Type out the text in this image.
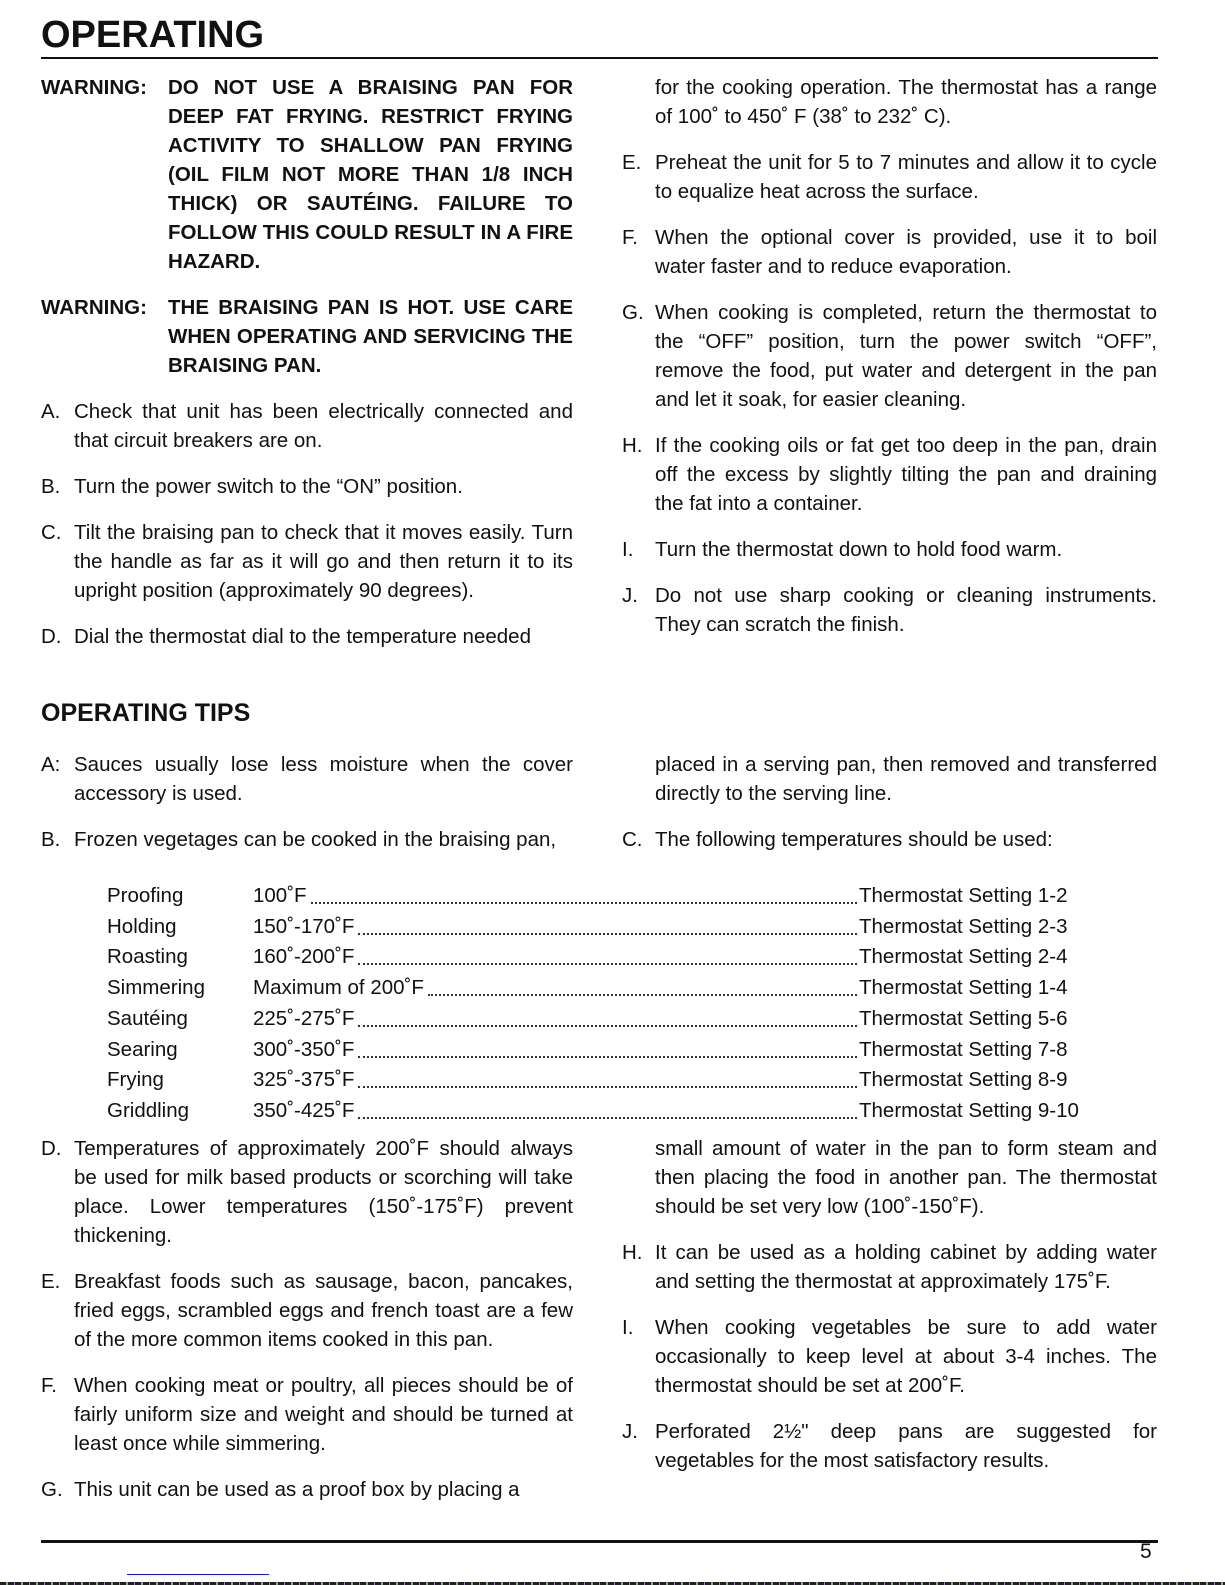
OPERATING
WARNING:	DO NOT USE A BRAISING PAN FOR DEEP FAT FRYING. RESTRICT FRYING ACTIVITY TO SHALLOW PAN FRYING (OIL FILM NOT MORE THAN 1/8 INCH THICK) OR SAUTÉING. FAILURE TO FOLLOW THIS COULD RESULT IN A FIRE HAZARD.
WARNING:	THE BRAISING PAN IS HOT. USE CARE WHEN OPERATING AND SERVICING THE BRAISING PAN.
A. Check that unit has been electrically connected and that circuit breakers are on.
B. Turn the power switch to the “ON” position.
C. Tilt the braising pan to check that it moves easily. Turn the handle as far as it will go and then return it to its upright position (approximately 90 degrees).
D. Dial the thermostat dial to the temperature needed
for the cooking operation. The thermostat has a range of 100˚ to 450˚ F (38˚ to 232˚ C).
E. Preheat the unit for 5 to 7 minutes and allow it to cycle to equalize heat across the surface.
F. When the optional cover is provided, use it to boil water faster and to reduce evaporation.
G. When cooking is completed, return the thermostat to the “OFF” position, turn the power switch “OFF”, remove the food, put water and detergent in the pan and let it soak, for easier cleaning.
H. If the cooking oils or fat get too deep in the pan, drain off the excess by slightly tilting the pan and draining the fat into a container.
I.	Turn the thermostat down to hold food warm.
J. Do not use sharp cooking or cleaning instruments. They can scratch the finish.
OPERATING TIPS
A: Sauces usually lose less moisture when the cover accessory is used.
B. Frozen vegetages can be cooked in the braising pan,
placed in a serving pan, then removed and transferred directly to the serving line.
C. The following temperatures should be used:
Proofing	100˚F	Thermostat Setting 1-2
Holding	150˚-170˚F	Thermostat Setting 2-3
Roasting	160˚-200˚F	Thermostat Setting 2-4
Simmering	Maximum of 200˚F	Thermostat Setting 1-4
Sautéing	225˚-275˚F	Thermostat Setting 5-6
Searing	300˚-350˚F	Thermostat Setting 7-8
Frying	325˚-375˚F	Thermostat Setting 8-9
Griddling	350˚-425˚F	Thermostat Setting 9-10
D. Temperatures of approximately 200˚F should always be used for milk based products or scorching will take place. Lower temperatures (150˚-175˚F) prevent thickening.
E. Breakfast foods such as sausage, bacon, pancakes, fried eggs, scrambled eggs and french toast are a few of the more common items cooked in this pan.
F. When cooking meat or poultry, all pieces should be of fairly uniform size and weight and should be turned at least once while simmering.
G. This unit can be used as a proof box by placing a
small amount of water in the pan to form steam and then placing the food in another pan. The thermostat should be set very low (100˚-150˚F).
H. It can be used as a holding cabinet by adding water and setting the thermostat at approximately 175˚F.
I.	When cooking vegetables be sure to add water occasionally to keep level at about 3-4 inches. The thermostat should be set at 200˚F.
J. Perforated 2½" deep pans are suggested for vegetables for the most satisfactory results.
5
